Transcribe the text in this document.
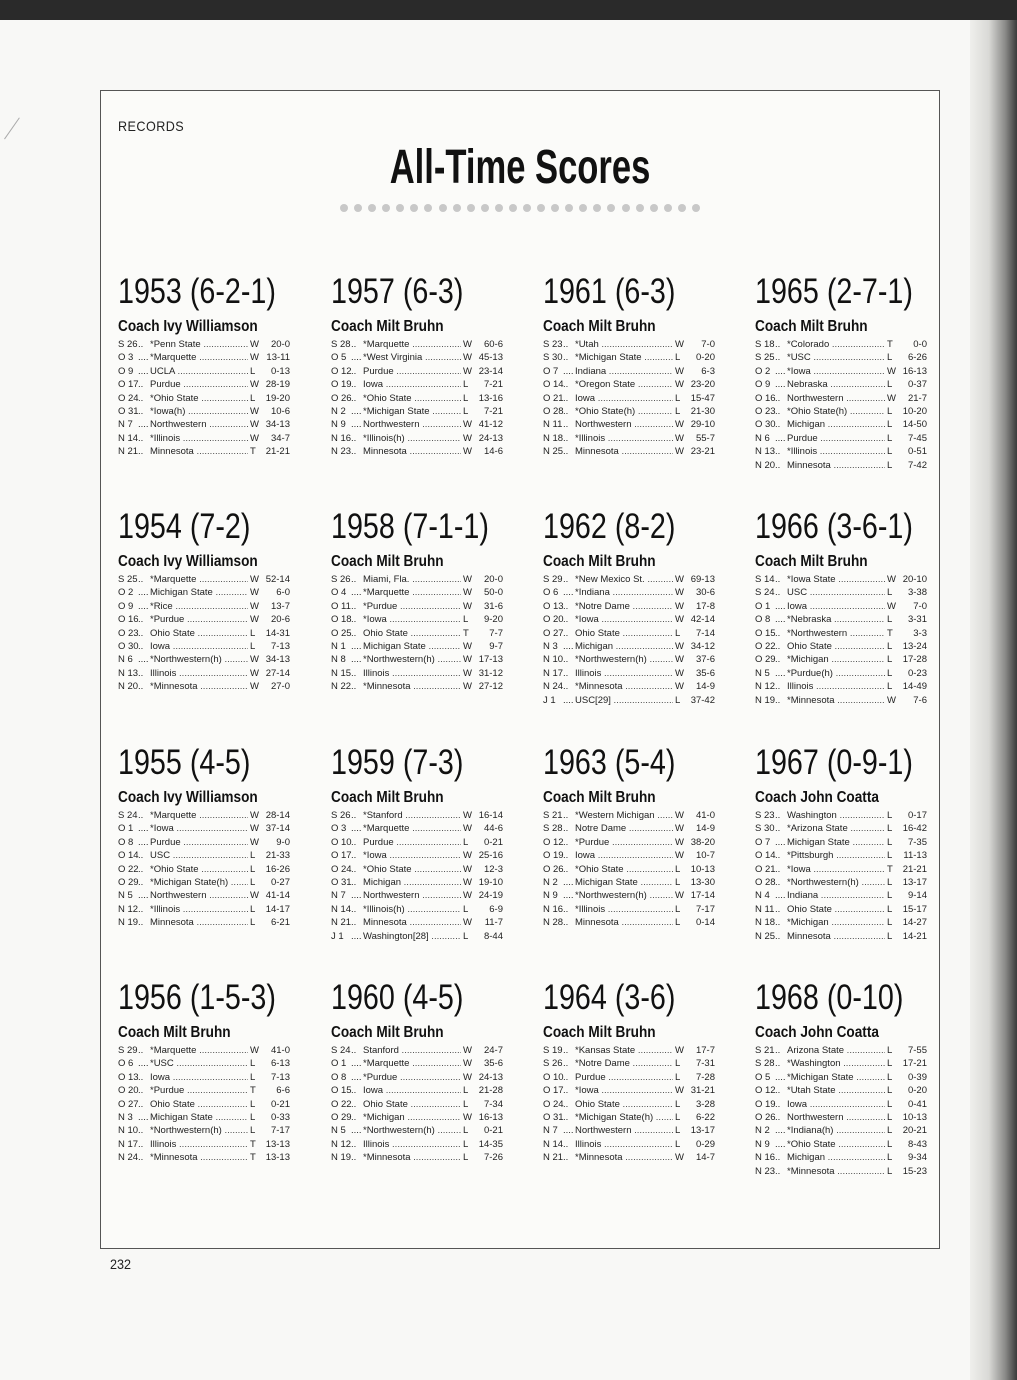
RECORDS
All-Time Scores
1953 (6-2-1)
Coach Ivy Williamson
S 26 .. *Penn State .....	W	20-0
O 3 .... *Marquette .....	W 13-11
O 9 .... UCLA .....	L	0-13
O 17 .. Purdue .....	W 28-19
O 24 .. *Ohio State .....	L	19-20
O 31 .. *Iowa(h) .....	W	10-6
N 7 .... Northwestern .....	W 34-13
N 14 .. *Illinois .....	W	34-7
N 21 .. Minnesota .....	T	21-21
1957 (6-3)
Coach Milt Bruhn
S 28 .. *Marquette .....	W	60-6
O 5 .... *West Virginia .....	W 45-13
O 12 .. Purdue .....	W 23-14
O 19 .. Iowa .....	L	7-21
O 26 .. *Ohio State .....	L	13-16
N 2 .... *Michigan State .....	L	7-21
N 9 .... Northwestern .....	W 41-12
N 16 .. *Illinois(h) .....	W 24-13
N 23 .. Minnesota .....	W	14-6
1961 (6-3)
Coach Milt Bruhn
S 23 .. *Utah .....	W	7-0
S 30 .. *Michigan State .....	L	0-20
O 7 .... Indiana .....	W	6-3
O 14 .. *Oregon State .....	W 23-20
O 21 .. Iowa .....	L	15-47
O 28 .. *Ohio State(h) .....	L	21-30
N 11 .. Northwestern .....	W 29-10
N 18 .. *Illinois .....	W	55-7
N 25 .. Minnesota .....	W 23-21
1965 (2-7-1)
Coach Milt Bruhn
S 18 .. *Colorado .....	T	0-0
S 25 .. *USC .....	L	6-26
O 2 .... *Iowa .....	W 16-13
O 9 .... Nebraska .....	L	0-37
O 16 .. Northwestern .....	W	21-7
O 23 .. *Ohio State(h) .....	L	10-20
O 30 .. Michigan .....	L	14-50
N 6 .... Purdue .....	L	7-45
N 13 .. *Illinois .....	L	0-51
N 20 .. Minnesota .....	L	7-42
1954 (7-2)
Coach Ivy Williamson
S 25 .. *Marquette .....	W 52-14
O 2 .... Michigan State .....	W	6-0
O 9 .... *Rice .....	W	13-7
O 16 .. *Purdue .....	W	20-6
O 23 .. Ohio State .....	L	14-31
O 30 .. Iowa .....	L	7-13
N 6 .... *Northwestern(h) .....	W 34-13
N 13 .. Illinois .....	W 27-14
N 20 .. *Minnesota .....	W	27-0
1958 (7-1-1)
Coach Milt Bruhn
S 26 .. Miami, Fla. .....	W	20-0
O 4 .... *Marquette .....	W	50-0
O 11 .. *Purdue .....	W	31-6
O 18 .. *Iowa .....	L	9-20
O 25 .. Ohio State .....	T	7-7
N 1 .... Michigan State .....	W	9-7
N 8 .... *Northwestern(h) .....	W 17-13
N 15 .. Illinois .....	W 31-12
N 22 .. *Minnesota .....	W 27-12
1962 (8-2)
Coach Milt Bruhn
S 29 .. *New Mexico St. .....	W 69-13
O 6 .... *Indiana .....	W	30-6
O 13 .. *Notre Dame .....	W	17-8
O 20 .. *Iowa .....	W 42-14
O 27 .. Ohio State .....	L	7-14
N 3 .... Michigan .....	W 34-12
N 10 .. *Northwestern(h) .....	W	37-6
N 17 .. Illinois .....	W	35-6
N 24 .. *Minnesota .....	W	14-9
J 1 .... USC[29] .....	L	37-42
1966 (3-6-1)
Coach Milt Bruhn
S 14 .. *Iowa State .....	W 20-10
S 24 .. USC .....	L	3-38
O 1 .... Iowa .....	W	7-0
O 8 .... *Nebraska .....	L	3-31
O 15 .. *Northwestern .....	T	3-3
O 22 .. Ohio State .....	L	13-24
O 29 .. *Michigan .....	L	17-28
N 5 .... *Purdue(h) .....	L	0-23
N 12 .. Illinois .....	L	14-49
N 19 .. *Minnesota .....	W	7-6
1955 (4-5)
Coach Ivy Williamson
S 24 .. *Marquette .....	W 28-14
O 1 .... *Iowa .....	W 37-14
O 8 .... Purdue .....	W	9-0
O 14 .. USC .....	L	21-33
O 22 .. *Ohio State .....	L	16-26
O 29 .. *Michigan State(h) .....	L	0-27
N 5 .... Northwestern .....	W 41-14
N 12 .. *Illinois .....	L	14-17
N 19 .. Minnesota .....	L	6-21
1959 (7-3)
Coach Milt Bruhn
S 26 .. *Stanford .....	W 16-14
O 3 .... *Marquette .....	W	44-6
O 10 .. Purdue .....	L	0-21
O 17 .. *Iowa .....	W 25-16
O 24 .. *Ohio State .....	W	12-3
O 31 .. Michigan .....	W 19-10
N 7 .... Northwestern .....	W 24-19
N 14 .. *Illinois(h) .....	L	6-9
N 21 .. Minnesota .....	W	11-7
J 1 .... Washington[28] .....	L	8-44
1963 (5-4)
Coach Milt Bruhn
S 21 .. *Western Michigan .....	W	41-0
S 28 .. Notre Dame .....	W	14-9
O 12 .. *Purdue .....	W 38-20
O 19 .. Iowa .....	W	10-7
O 26 .. *Ohio State .....	L	10-13
N 2 .... Michigan State .....	L	13-30
N 9 .... *Northwestern(h) .....	W 17-14
N 16 .. *Illinois .....	L	7-17
N 28 .. Minnesota .....	L	0-14
1967 (0-9-1)
Coach John Coatta
S 23 .. Washington .....	L	0-17
S 30 .. *Arizona State .....	L	16-42
O 7 .... Michigan State .....	L	7-35
O 14 .. *Pittsburgh .....	L	11-13
O 21 .. *Iowa .....	T	21-21
O 28 .. *Northwestern(h) .....	L	13-17
N 4 .... Indiana .....	L	9-14
N 11 .. Ohio State .....	L	15-17
N 18 .. *Michigan .....	L	14-27
N 25 .. Minnesota .....	L	14-21
1956 (1-5-3)
Coach Milt Bruhn
S 29 .. *Marquette .....	W	41-0
O 6 .... *USC .....	L	6-13
O 13 .. Iowa .....	L	7-13
O 20 .. *Purdue .....	T	6-6
O 27 .. Ohio State .....	L	0-21
N 3 .... Michigan State .....	L	0-33
N 10 .. *Northwestern(h) .....	L	7-17
N 17 .. Illinois .....	T	13-13
N 24 .. *Minnesota .....	T	13-13
1960 (4-5)
Coach Milt Bruhn
S 24 .. Stanford .....	W	24-7
O 1 .... *Marquette .....	W	35-6
O 8 .... *Purdue .....	W 24-13
O 15 .. Iowa .....	L	21-28
O 22 .. Ohio State .....	L	7-34
O 29 .. *Michigan .....	W 16-13
N 5 .... *Northwestern(h) .....	L	0-21
N 12 .. Illinois .....	L	14-35
N 19 .. *Minnesota .....	L	7-26
1964 (3-6)
Coach Milt Bruhn
S 19 .. *Kansas State .....	W	17-7
S 26 .. *Notre Dame .....	L	7-31
O 10 .. Purdue .....	L	7-28
O 17 .. *Iowa .....	W 31-21
O 24 .. Ohio State .....	L	3-28
O 31 .. *Michigan State(h) .....	L	6-22
N 7 .... Northwestern .....	L	13-17
N 14 .. Illinois .....	L	0-29
N 21 .. *Minnesota .....	W	14-7
1968 (0-10)
Coach John Coatta
S 21 .. Arizona State .....	L	7-55
S 28 .. *Washington .....	L	17-21
O 5 .... *Michigan State .....	L	0-39
O 12 .. *Utah State .....	L	0-20
O 19 .. Iowa .....	L	0-41
O 26 .. Northwestern .....	L	10-13
N 2 .... *Indiana(h) .....	L	20-21
N 9 .... *Ohio State .....	L	8-43
N 16 .. Michigan .....	L	9-34
N 23 .. *Minnesota .....	L	15-23
232
